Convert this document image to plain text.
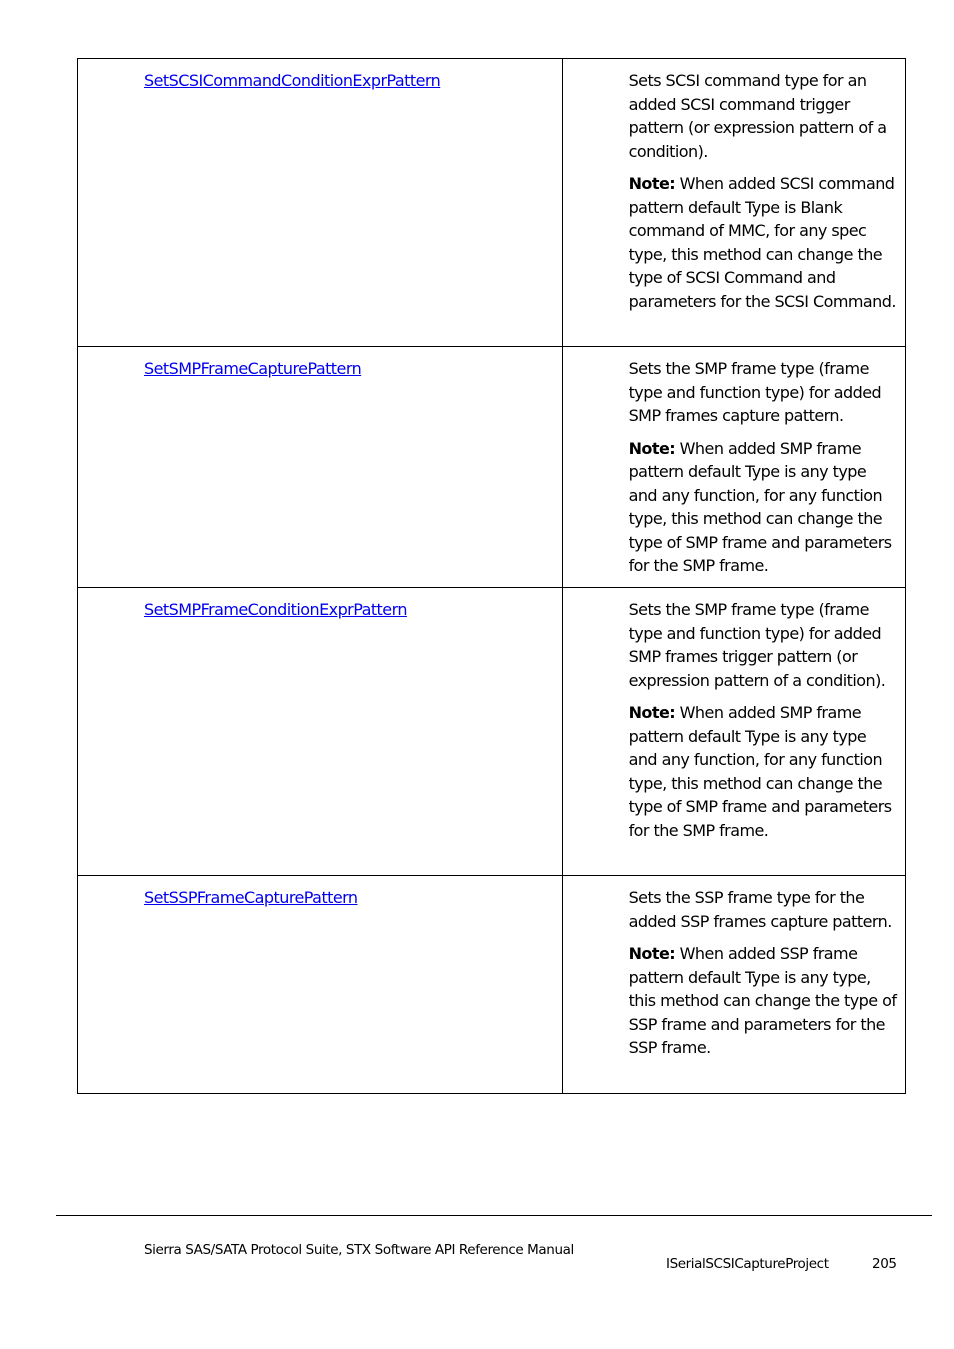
SetSCSICommandConditionExprPattern	Sets SCSI command type for an added SCSI command trigger pattern (or expression pattern of a condition).

Note: When added SCSI command pattern default Type is Blank command of MMC, for any spec type, this method can change the type of SCSI Command and parameters for the SCSI Command.

SetSMPFrameCapturePattern	Sets the SMP frame type (frame type and function type) for added SMP frames capture pattern.

Note: When added SMP frame pattern default Type is any type and any function, for any function type, this method can change the type of SMP frame and parameters for the SMP frame.

SetSMPFrameConditionExprPattern	Sets the SMP frame type (frame type and function type) for added SMP frames trigger pattern (or expression pattern of a condition).

Note: When added SMP frame pattern default Type is any type and any function, for any function type, this method can change the type of SMP frame and parameters for the SMP frame.

SetSSPFrameCapturePattern	Sets the SSP frame type for the added SSP frames capture pattern.

Note: When added SSP frame pattern default Type is any type, this method can change the type of SSP frame and parameters for the SSP frame.

Sierra SAS/SATA Protocol Suite, STX Software API Reference Manual
ISerialSCSICaptureProject	205
